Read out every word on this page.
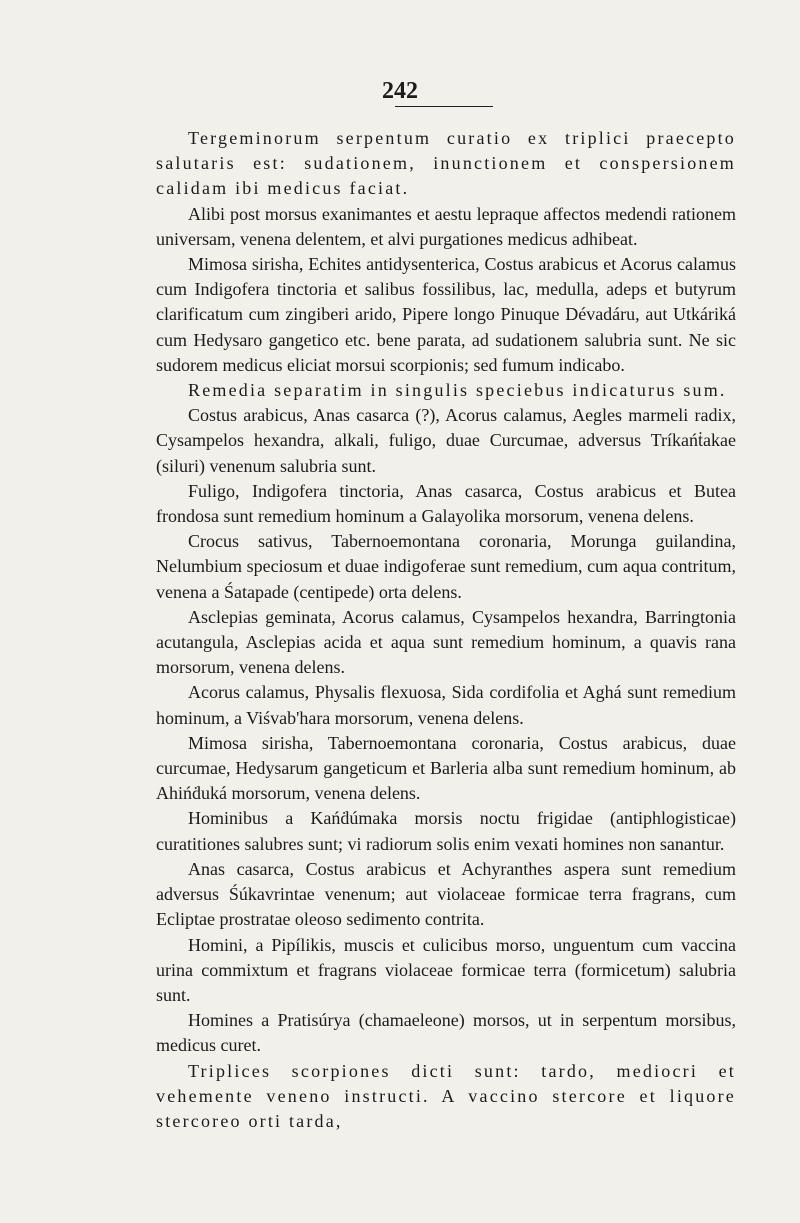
242

Tergeminorum serpentum curatio ex triplici praecepto salutaris est: sudationem, inunctionem et conspersionem calidam ibi medicus faciat.

Alibi post morsus exanimantes et aestu lepraque affectos medendi rationem universam, venena delentem, et alvi purgationes medicus adhibeat.

Mimosa sirisha, Echites antidysenterica, Costus arabicus et Acorus calamus cum Indigofera tinctoria et salibus fossilibus, lac, medulla, adeps et butyrum clarificatum cum zingiberi arido, Pipere longo Pinuque Dévadáru, aut Utkáriká cum Hedysaro gangetico etc. bene parata, ad sudationem salubria sunt. Ne sic sudorem medicus eliciat morsui scorpionis; sed fumum indicabo.

Remedia separatim in singulis speciebus indicaturus sum.

Costus arabicus, Anas casarca (?), Acorus calamus, Aegles marmeli radix, Cysampelos hexandra, alkali, fuligo, duae Curcumae, adversus Tríkańṫakae (siluri) venenum salubria sunt.

Fuligo, Indigofera tinctoria, Anas casarca, Costus arabicus et Butea frondosa sunt remedium hominum a Galayolika morsorum, venena delens.

Crocus sativus, Tabernoemontana coronaria, Morunga guilandina, Nelumbium speciosum et duae indigoferae sunt remedium, cum aqua contritum, venena a Śatapade (centipede) orta delens.

Asclepias geminata, Acorus calamus, Cysampelos hexandra, Barringtonia acutangula, Asclepias acida et aqua sunt remedium hominum, a quavis rana morsorum, venena delens.

Acorus calamus, Physalis flexuosa, Sida cordifolia et Aghá sunt remedium hominum, a Viśvab'hara morsorum, venena delens.

Mimosa sirisha, Tabernoemontana coronaria, Costus arabicus, duae curcumae, Hedysarum gangeticum et Barleria alba sunt remedium hominum, ab Ahińḋuká morsorum, venena delens.

Hominibus a Kańḋúmaka morsis noctu frigidae (antiphlogisticae) curatitiones salubres sunt; vi radiorum solis enim vexati homines non sanantur.

Anas casarca, Costus arabicus et Achyranthes aspera sunt remedium adversus Śúkavrintae venenum; aut violaceae formicae terra fragrans, cum Ecliptae prostratae oleoso sedimento contrita.

Homini, a Pipílikis, muscis et culicibus morso, unguentum cum vaccina urina commixtum et fragrans violaceae formicae terra (formicetum) salubria sunt.

Homines a Pratisúrya (chamaeleone) morsos, ut in serpentum morsibus, medicus curet.

Triplices scorpiones dicti sunt: tardo, mediocri et vehemente veneno instructi. A vaccino stercore et liquore stercoreo orti tarda,
